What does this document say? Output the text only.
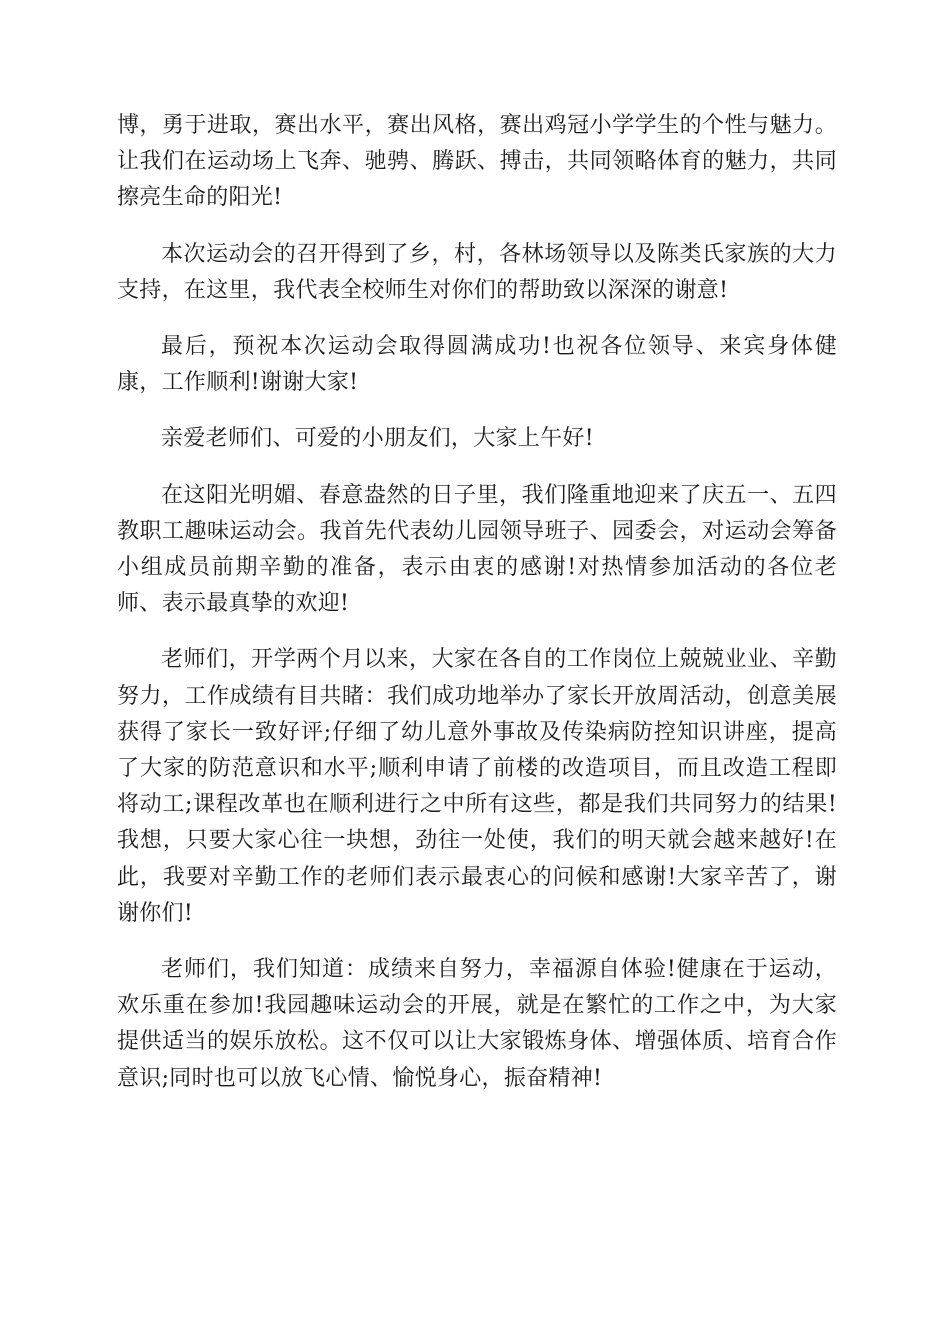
博，勇于进取，赛出水平，赛出风格，赛出鸡冠小学学生的个性与魅力。让我们在运动场上飞奔、驰骋、腾跃、搏击，共同领略体育的魅力，共同擦亮生命的阳光!

本次运动会的召开得到了乡，村，各林场领导以及陈类氏家族的大力支持，在这里，我代表全校师生对你们的帮助致以深深的谢意!

最后，预祝本次运动会取得圆满成功!也祝各位领导、来宾身体健康，工作顺利!谢谢大家!

亲爱老师们、可爱的小朋友们，大家上午好!

在这阳光明媚、春意盎然的日子里，我们隆重地迎来了庆五一、五四教职工趣味运动会。我首先代表幼儿园领导班子、园委会，对运动会筹备小组成员前期辛勤的准备，表示由衷的感谢!对热情参加活动的各位老师、表示最真挚的欢迎!

老师们，开学两个月以来，大家在各自的工作岗位上兢兢业业、辛勤努力，工作成绩有目共睹：我们成功地举办了家长开放周活动，创意美展获得了家长一致好评;仔细了幼儿意外事故及传染病防控知识讲座，提高了大家的防范意识和水平;顺利申请了前楼的改造项目，而且改造工程即将动工;课程改革也在顺利进行之中所有这些，都是我们共同努力的结果!我想，只要大家心往一块想，劲往一处使，我们的明天就会越来越好!在此，我要对辛勤工作的老师们表示最衷心的问候和感谢!大家辛苦了，谢谢你们!

老师们，我们知道：成绩来自努力，幸福源自体验!健康在于运动，欢乐重在参加!我园趣味运动会的开展，就是在繁忙的工作之中，为大家提供适当的娱乐放松。这不仅可以让大家锻炼身体、增强体质、培育合作意识;同时也可以放飞心情、愉悦身心，振奋精神!
